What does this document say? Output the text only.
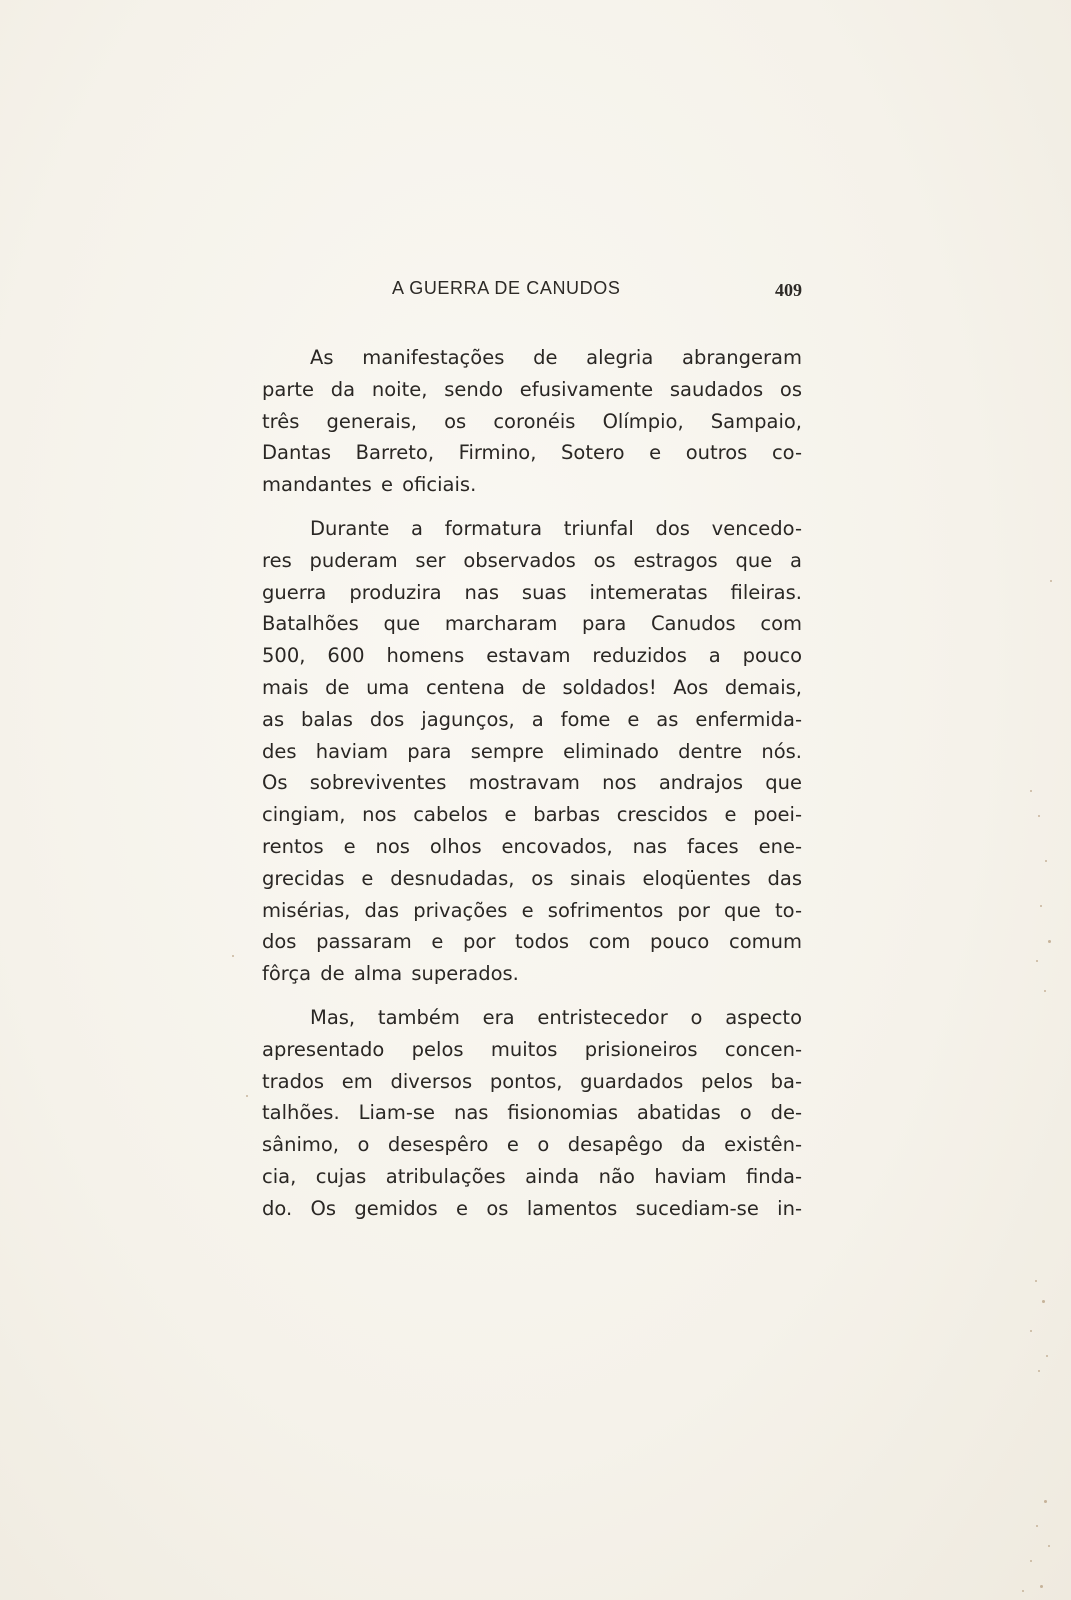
A GUERRA DE CANUDOS	409

As manifestações de alegria abrangeram
parte da noite, sendo efusivamente saudados os
três generais, os coronéis Olímpio, Sampaio,
Dantas Barreto, Firmino, Sotero e outros co-
mandantes e oficiais.

Durante a formatura triunfal dos vencedo-
res puderam ser observados os estragos que a
guerra produzira nas suas intemeratas fileiras.
Batalhões que marcharam para Canudos com
500, 600 homens estavam reduzidos a pouco
mais de uma centena de soldados! Aos demais,
as balas dos jagunços, a fome e as enfermida-
des haviam para sempre eliminado dentre nós.
Os sobreviventes mostravam nos andrajos que
cingiam, nos cabelos e barbas crescidos e poei-
rentos e nos olhos encovados, nas faces ene-
grecidas e desnudadas, os sinais eloqüentes das
misérias, das privações e sofrimentos por que to-
dos passaram e por todos com pouco comum
fôrça de alma superados.

Mas, também era entristecedor o aspecto
apresentado pelos muitos prisioneiros concen-
trados em diversos pontos, guardados pelos ba-
talhões. Liam-se nas fisionomias abatidas o de-
sânimo, o desespêro e o desapêgo da existên-
cia, cujas atribulações ainda não haviam finda-
do. Os gemidos e os lamentos sucediam-se in-
